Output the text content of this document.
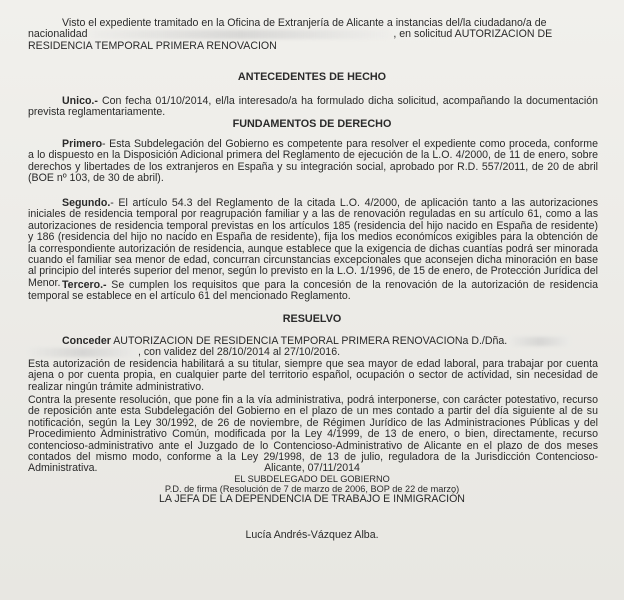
Visto el expediente tramitado en la Oficina de Extranjería de Alicante a instancias del/la ciudadano/a de
nacionalidad	, en solicitud AUTORIZACION DE
RESIDENCIA TEMPORAL PRIMERA RENOVACION
ANTECEDENTES DE HECHO
Unico.- Con fecha 01/10/2014, el/la interesado/a ha formulado dicha solicitud, acompañando la documentación prevista reglamentariamente.
FUNDAMENTOS DE DERECHO
Primero- Esta Subdelegación del Gobierno es competente para resolver el expediente como proceda, conforme a lo dispuesto en la Disposición Adicional primera del Reglamento de ejecución de la L.O. 4/2000, de 11 de enero, sobre derechos y libertades de los extranjeros en España y su integración social, aprobado por R.D. 557/2011, de 20 de abril (BOE nº 103, de 30 de abril).
Segundo.- El artículo 54.3 del Reglamento de la citada L.O. 4/2000, de aplicación tanto a las autorizaciones iniciales de residencia temporal por reagrupación familiar y a las de renovación reguladas en su artículo 61, como a las autorizaciones de residencia temporal previstas en los artículos 185 (residencia del hijo nacido en España de residente) y 186 (residencia del hijo no nacido en España de residente), fija los medios económicos exigibles para la obtención de la correspondiente autorización de residencia, aunque establece que la exigencia de dichas cuantías podrá ser minorada cuando el familiar sea menor de edad, concurran circunstancias excepcionales que aconsejen dicha minoración en base al principio del interés superior del menor, según lo previsto en la L.O. 1/1996, de 15 de enero, de Protección Jurídica del Menor. Tercero.- Se cumplen los requisitos que para la concesión de la renovación de la autorización de residencia temporal se establece en el artículo 61 del mencionado Reglamento.
RESUELVO
Conceder AUTORIZACION DE RESIDENCIA TEMPORAL PRIMERA RENOVACIONa D./Dña.
, con validez del 28/10/2014 al 27/10/2016.
Esta autorización de residencia habilitará a su titular, siempre que sea mayor de edad laboral, para trabajar por cuenta ajena o por cuenta propia, en cualquier parte del territorio español, ocupación o sector de actividad, sin necesidad de realizar ningún trámite administrativo.
Contra la presente resolución, que pone fin a la vía administrativa, podrá interponerse, con carácter potestativo, recurso de reposición ante esta Subdelegación del Gobierno en el plazo de un mes contado a partir del día siguiente al de su notificación, según la Ley 30/1992, de 26 de noviembre, de Régimen Jurídico de las Administraciones Públicas y del Procedimiento Administrativo Común, modificada por la Ley 4/1999, de 13 de enero, o bien, directamente, recurso contencioso-administrativo ante el Juzgado de lo Contencioso-Administrativo de Alicante en el plazo de dos meses contados del mismo modo, conforme a la Ley 29/1998, de 13 de julio, reguladora de la Jurisdicción Contencioso-Administrativa.	Alicante, 07/11/2014
EL SUBDELEGADO DEL GOBIERNO
P.D. de firma (Resolución de 7 de marzo de 2006, BOP de 22 de marzo)
LA JEFA DE LA DEPENDENCIA DE TRABAJO E INMIGRACIÓN
Lucía Andrés-Vázquez Alba.
